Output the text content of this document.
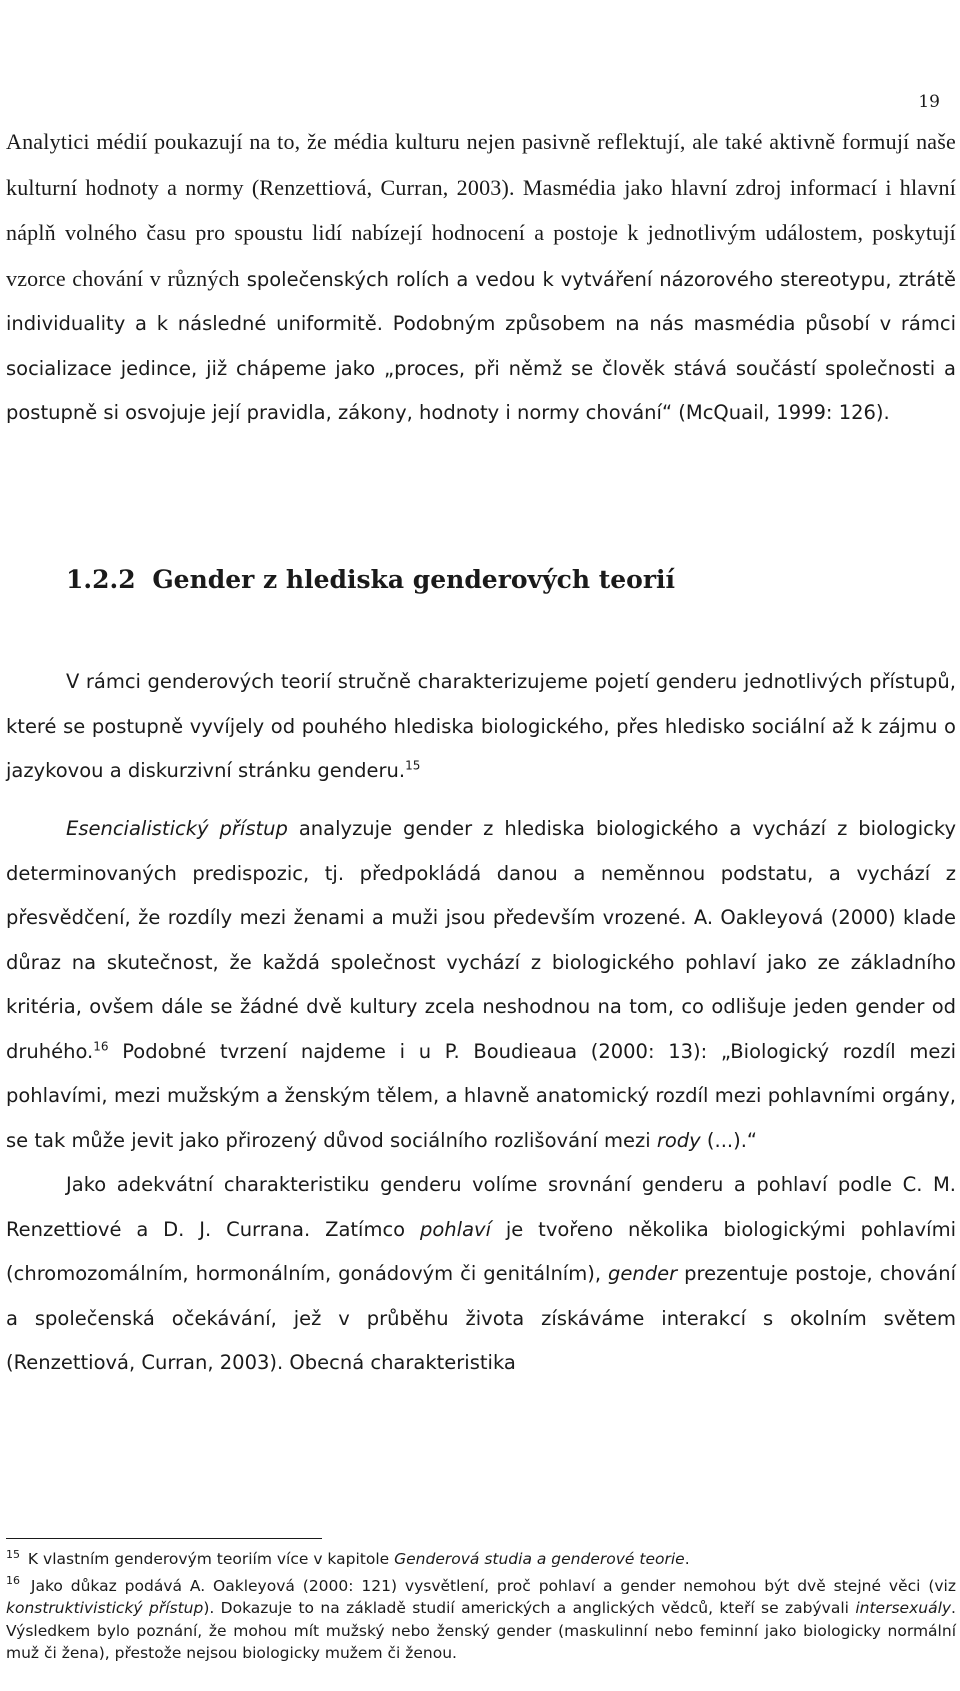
19
Analytici médií poukazují na to, že média kulturu nejen pasivně reflektují, ale také aktivně formují naše kulturní hodnoty a normy (Renzettiová, Curran, 2003). Masmédia jako hlavní zdroj informací i hlavní náplň volného času pro spoustu lidí nabízejí hodnocení a postoje k jednotlivým událostem, poskytují vzorce chování v různých společenských rolích a vedou k vytváření názorového stereotypu, ztrátě individuality a k následné uniformitě. Podobným způsobem na nás masmédia působí v rámci socializace jedince, již chápeme jako „proces, při němž se člověk stává součástí společnosti a postupně si osvojuje její pravidla, zákony, hodnoty i normy chování“ (McQuail, 1999: 126).
1.2.2 Gender z hlediska genderových teorií

V rámci genderových teorií stručně charakterizujeme pojetí genderu jednotlivých přístupů, které se postupně vyvíjely od pouhého hlediska biologického, přes hledisko sociální až k zájmu o jazykovou a diskurzivní stránku genderu.$^{15}$

Esencialistický přístup analyzuje gender z hlediska biologického a vychází z biologicky determinovaných predispozic, tj. předpokládá danou a neměnnou podstatu, a vychází z přesvědčení, že rozdíly mezi ženami a muži jsou především vrozené. A. Oakleyová (2000) klade důraz na skutečnost, že každá společnost vychází z biologického pohlaví jako ze základního kritéria, ovšem dále se žádné dvě kultury zcela neshodnou na tom, co odlišuje jeden gender od druhého.$^{16}$ Podobné tvrzení najdeme i u P. Boudieaua (2000: 13): „Biologický rozdíl mezi pohlavími, mezi mužským a ženským tělem, a hlavně anatomický rozdíl mezi pohlavními orgány, se tak může jevit jako přirozený důvod sociálního rozlišování mezi rody (...).“

Jako adekvátní charakteristiku genderu volíme srovnání genderu a pohlaví podle C. M. Renzettiové a D. J. Currana. Zatímco pohlaví je tvořeno několika biologickými pohlavími (chromozomálním, hormonálním, gonádovým či genitálním), gender prezentuje postoje, chování a společenská očekávání, jež v průběhu života získáváme interakcí s okolním světem (Renzettiová, Curran, 2003). Obecná charakteristika

$^{15}$ K vlastním genderovým teoriím více v kapitole Genderová studia a genderové teorie.

$^{16}$ Jako důkaz podává A. Oakleyová (2000: 121) vysvětlení, proč pohlaví a gender nemohou být dvě stejné věci (viz konstruktivistický přístup). Dokazuje to na základě studií amerických a anglických vědců, kteří se zabývali intersexuály. Výsledkem bylo poznání, že mohou mít mužský nebo ženský gender (maskulinní nebo feminní jako biologicky normální muž či žena), přestože nejsou biologicky mužem či ženou.
